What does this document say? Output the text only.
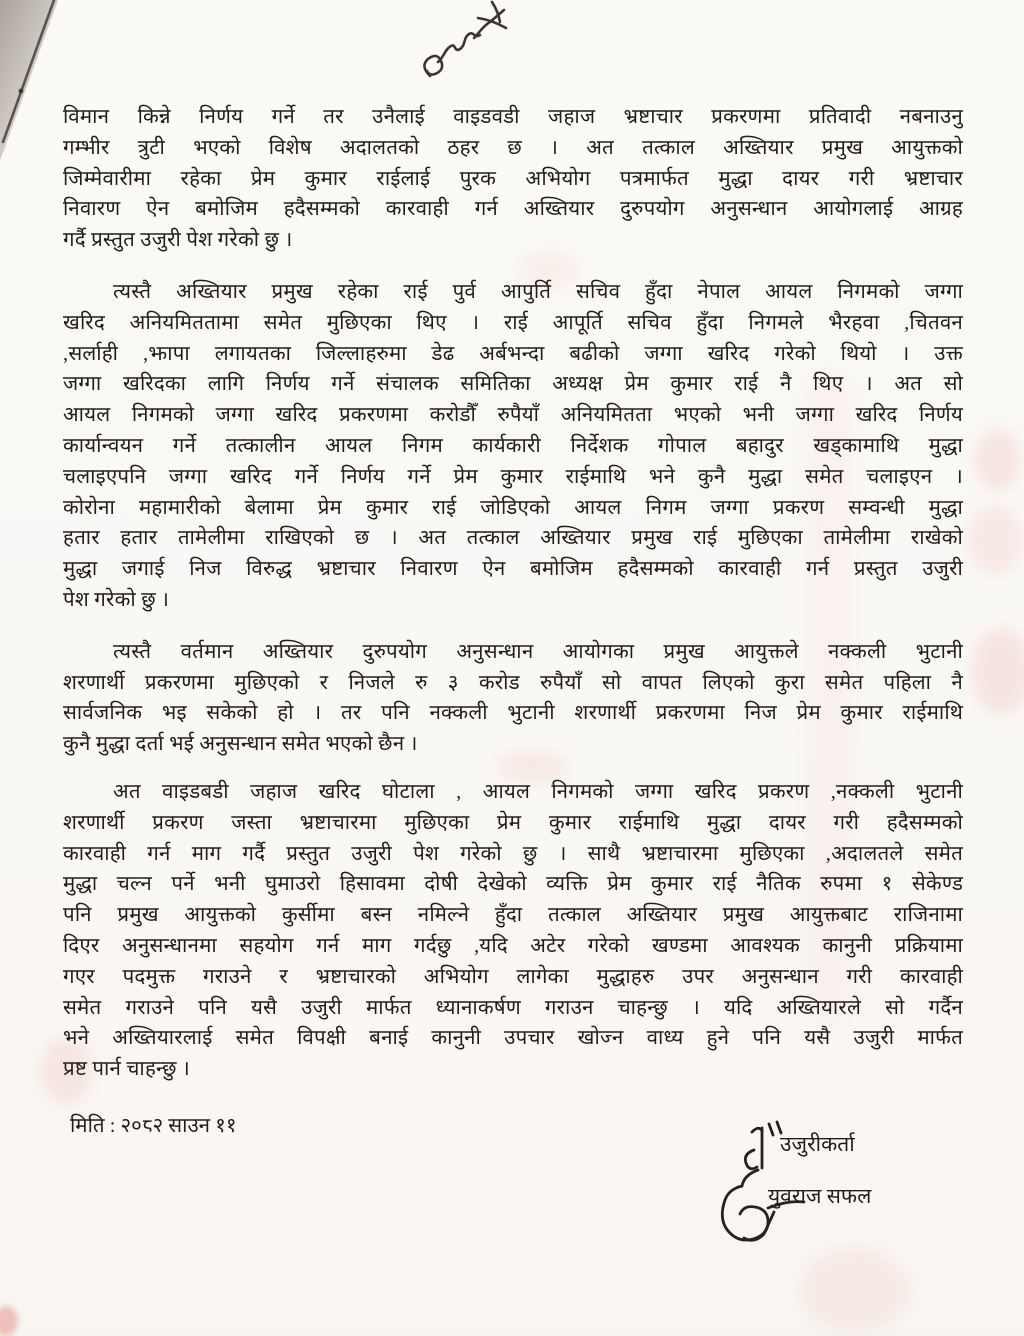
विमान किन्ने निर्णय गर्ने तर उनैलाई वाइडवडी जहाज भ्रष्टाचार प्रकरणमा प्रतिवादी नबनाउनु
गम्भीर त्रुटी भएको विशेष अदालतको ठहर छ । अत तत्काल अख्तियार प्रमुख आयुक्तको
जिम्मेवारीमा रहेका प्रेम कुमार राईलाई पुरक अभियोग पत्रमार्फत मुद्धा दायर गरी भ्रष्टाचार
निवारण ऐन बमोजिम हदैसम्मको कारवाही गर्न अख्तियार दुरुपयोग अनुसन्धान आयोगलाई आग्रह
गर्दै प्रस्तुत उजुरी पेश गरेको छु ।
त्यस्तै अख्तियार प्रमुख रहेका राई पुर्व आपुर्ति सचिव हुँदा नेपाल आयल निगमको जग्गा
खरिद अनियमिततामा समेत मुछिएका थिए । राई आपूर्ति सचिव हुँदा निगमले भैरहवा ,चितवन
,सर्लाही ,झापा लगायतका जिल्लाहरुमा डेढ अर्बभन्दा बढीको जग्गा खरिद गरेको थियो । उक्त
जग्गा खरिदका लागि निर्णय गर्ने संचालक समितिका अध्यक्ष प्रेम कुमार राई नै थिए । अत सो
आयल निगमको जग्गा खरिद प्रकरणमा करोडौँ रुपैयाँ अनियमितता भएको भनी जग्गा खरिद निर्णय
कार्यान्वयन गर्ने तत्कालीन आयल निगम कार्यकारी निर्देशक गोपाल बहादुर खड्कामाथि मुद्धा
चलाइएपनि जग्गा खरिद गर्ने निर्णय गर्ने प्रेम कुमार राईमाथि भने कुनै मुद्धा समेत चलाइएन ।
कोरोना महामारीको बेलामा प्रेम कुमार राई जोडिएको आयल निगम जग्गा प्रकरण सम्वन्धी मुद्धा
हतार हतार तामेलीमा राखिएको छ । अत तत्काल अख्तियार प्रमुख राई मुछिएका तामेलीमा राखेको
मुद्धा जगाई निज विरुद्ध भ्रष्टाचार निवारण ऐन बमोजिम हदैसम्मको कारवाही गर्न प्रस्तुत उजुरी
पेश गरेको छु ।
त्यस्तै वर्तमान अख्तियार दुरुपयोग अनुसन्धान आयोगका प्रमुख आयुक्तले नक्कली भुटानी
शरणार्थी प्रकरणमा मुछिएको र निजले रु ३ करोड रुपैयाँ सो वापत लिएको कुरा समेत पहिला नै
सार्वजनिक भइ सकेको हो । तर पनि नक्कली भुटानी शरणार्थी प्रकरणमा निज प्रेम कुमार राईमाथि
कुनै मुद्धा दर्ता भई अनुसन्धान समेत भएको छैन ।
अत वाइडबडी जहाज खरिद घोटाला , आयल निगमको जग्गा खरिद प्रकरण ,नक्कली भुटानी
शरणार्थी प्रकरण जस्ता भ्रष्टाचारमा मुछिएका प्रेम कुमार राईमाथि मुद्धा दायर गरी हदैसम्मको
कारवाही गर्न माग गर्दै प्रस्तुत उजुरी पेश गरेको छु । साथै भ्रष्टाचारमा मुछिएका ,अदालतले समेत
मुद्धा चल्न पर्ने भनी घुमाउरो हिसावमा दोषी देखेको व्यक्ति प्रेम कुमार राई नैतिक रुपमा १ सेकेण्ड
पनि प्रमुख आयुक्तको कुर्सीमा बस्न नमिल्ने हुँदा तत्काल अख्तियार प्रमुख आयुक्तबाट राजिनामा
दिएर अनुसन्धानमा सहयोग गर्न माग गर्दछु ,यदि अटेर गरेको खण्डमा आवश्यक कानुनी प्रक्रियामा
गएर पदमुक्त गराउने र भ्रष्टाचारको अभियोग लागेका मुद्धाहरु उपर अनुसन्धान गरी कारवाही
समेत गराउने पनि यसै उजुरी मार्फत ध्यानाकर्षण गराउन चाहन्छु । यदि अख्तियारले सो गर्दैन
भने अख्तियारलाई समेत विपक्षी बनाई कानुनी उपचार खोज्न वाध्य हुने पनि यसै उजुरी मार्फत
प्रष्ट पार्न चाहन्छु ।
मिति : २०८२ साउन ११
उजुरीकर्ता
युवराज सफल
